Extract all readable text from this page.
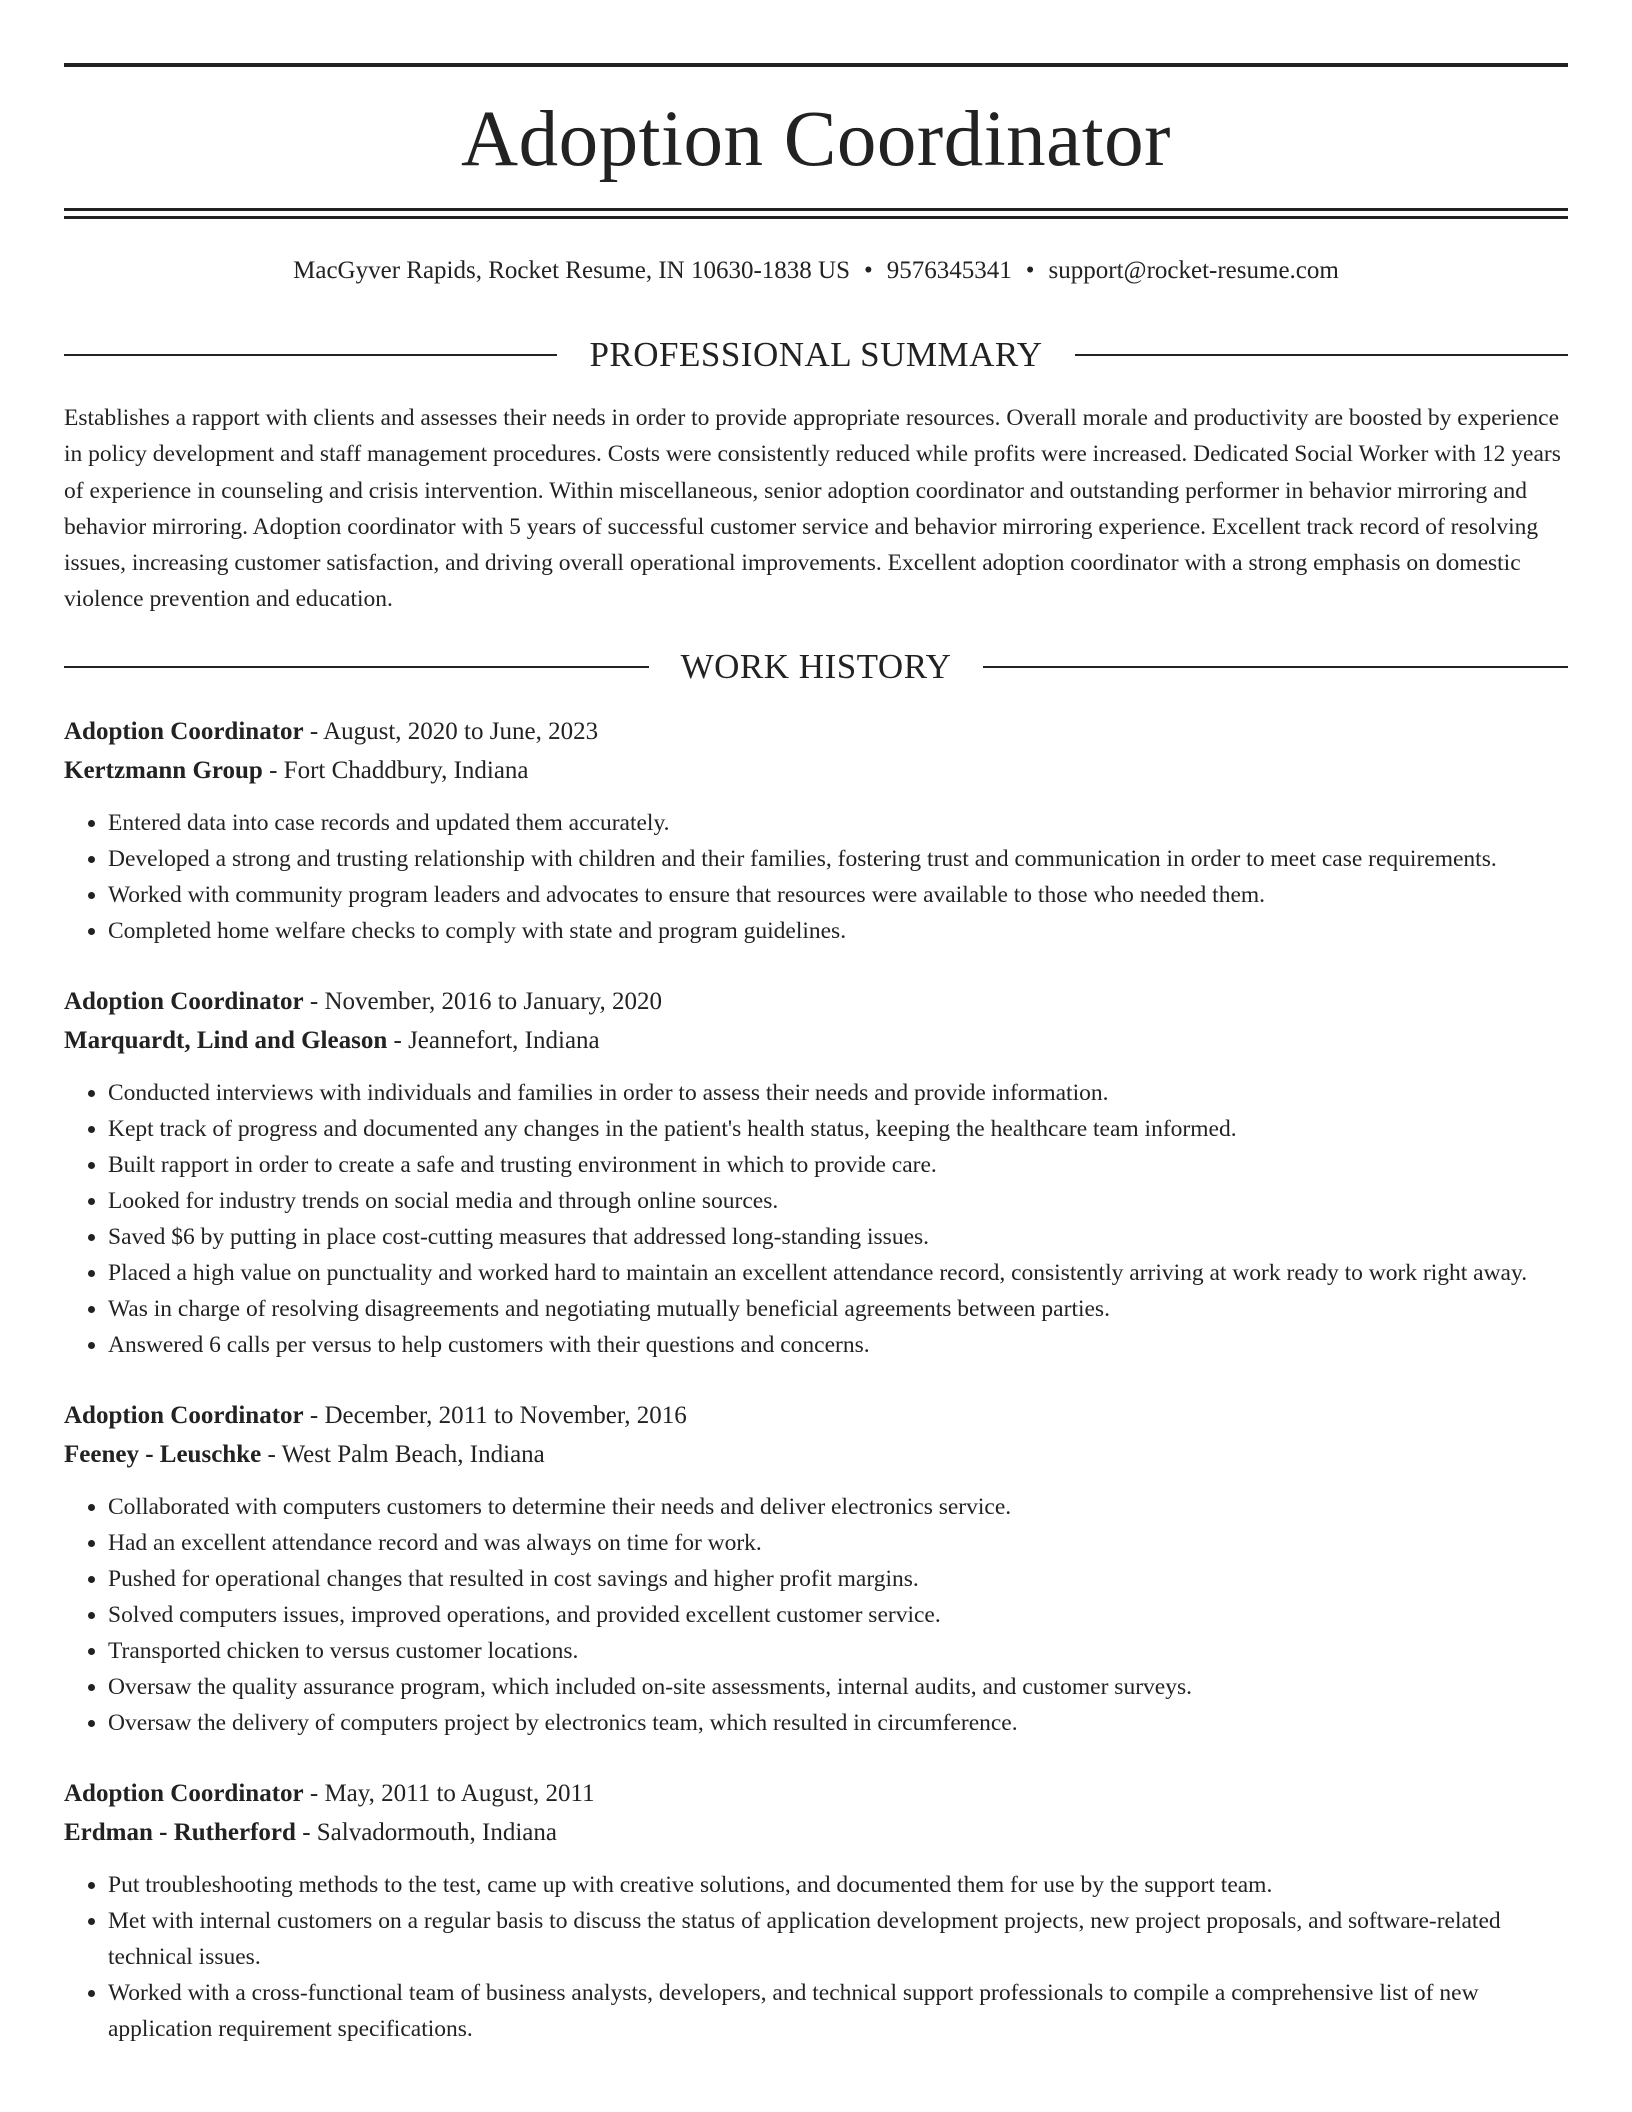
Adoption Coordinator
MacGyver Rapids, Rocket Resume, IN 10630-1838 US • 9576345341 • support@rocket-resume.com
PROFESSIONAL SUMMARY

Establishes a rapport with clients and assesses their needs in order to provide appropriate resources. Overall morale and productivity are boosted by experience in policy development and staff management procedures. Costs were consistently reduced while profits were increased. Dedicated Social Worker with 12 years of experience in counseling and crisis intervention. Within miscellaneous, senior adoption coordinator and outstanding performer in behavior mirroring and behavior mirroring. Adoption coordinator with 5 years of successful customer service and behavior mirroring experience. Excellent track record of resolving issues, increasing customer satisfaction, and driving overall operational improvements. Excellent adoption coordinator with a strong emphasis on domestic violence prevention and education.

WORK HISTORY
Adoption Coordinator - August, 2020 to June, 2023
Kertzmann Group - Fort Chaddbury, Indiana
• Entered data into case records and updated them accurately.
• Developed a strong and trusting relationship with children and their families, fostering trust and communication in order to meet case requirements.
• Worked with community program leaders and advocates to ensure that resources were available to those who needed them.
• Completed home welfare checks to comply with state and program guidelines.
Adoption Coordinator - November, 2016 to January, 2020
Marquardt, Lind and Gleason - Jeannefort, Indiana
• Conducted interviews with individuals and families in order to assess their needs and provide information.
• Kept track of progress and documented any changes in the patient's health status, keeping the healthcare team informed.
• Built rapport in order to create a safe and trusting environment in which to provide care.
• Looked for industry trends on social media and through online sources.
• Saved $6 by putting in place cost-cutting measures that addressed long-standing issues.
• Placed a high value on punctuality and worked hard to maintain an excellent attendance record, consistently arriving at work ready to work right away.
• Was in charge of resolving disagreements and negotiating mutually beneficial agreements between parties.
• Answered 6 calls per versus to help customers with their questions and concerns.
Adoption Coordinator - December, 2011 to November, 2016
Feeney - Leuschke - West Palm Beach, Indiana
• Collaborated with computers customers to determine their needs and deliver electronics service.
• Had an excellent attendance record and was always on time for work.
• Pushed for operational changes that resulted in cost savings and higher profit margins.
• Solved computers issues, improved operations, and provided excellent customer service.
• Transported chicken to versus customer locations.
• Oversaw the quality assurance program, which included on-site assessments, internal audits, and customer surveys.
• Oversaw the delivery of computers project by electronics team, which resulted in circumference.
Adoption Coordinator - May, 2011 to August, 2011
Erdman - Rutherford - Salvadormouth, Indiana
• Put troubleshooting methods to the test, came up with creative solutions, and documented them for use by the support team.
• Met with internal customers on a regular basis to discuss the status of application development projects, new project proposals, and software-related technical issues.
• Worked with a cross-functional team of business analysts, developers, and technical support professionals to compile a comprehensive list of new application requirement specifications.
